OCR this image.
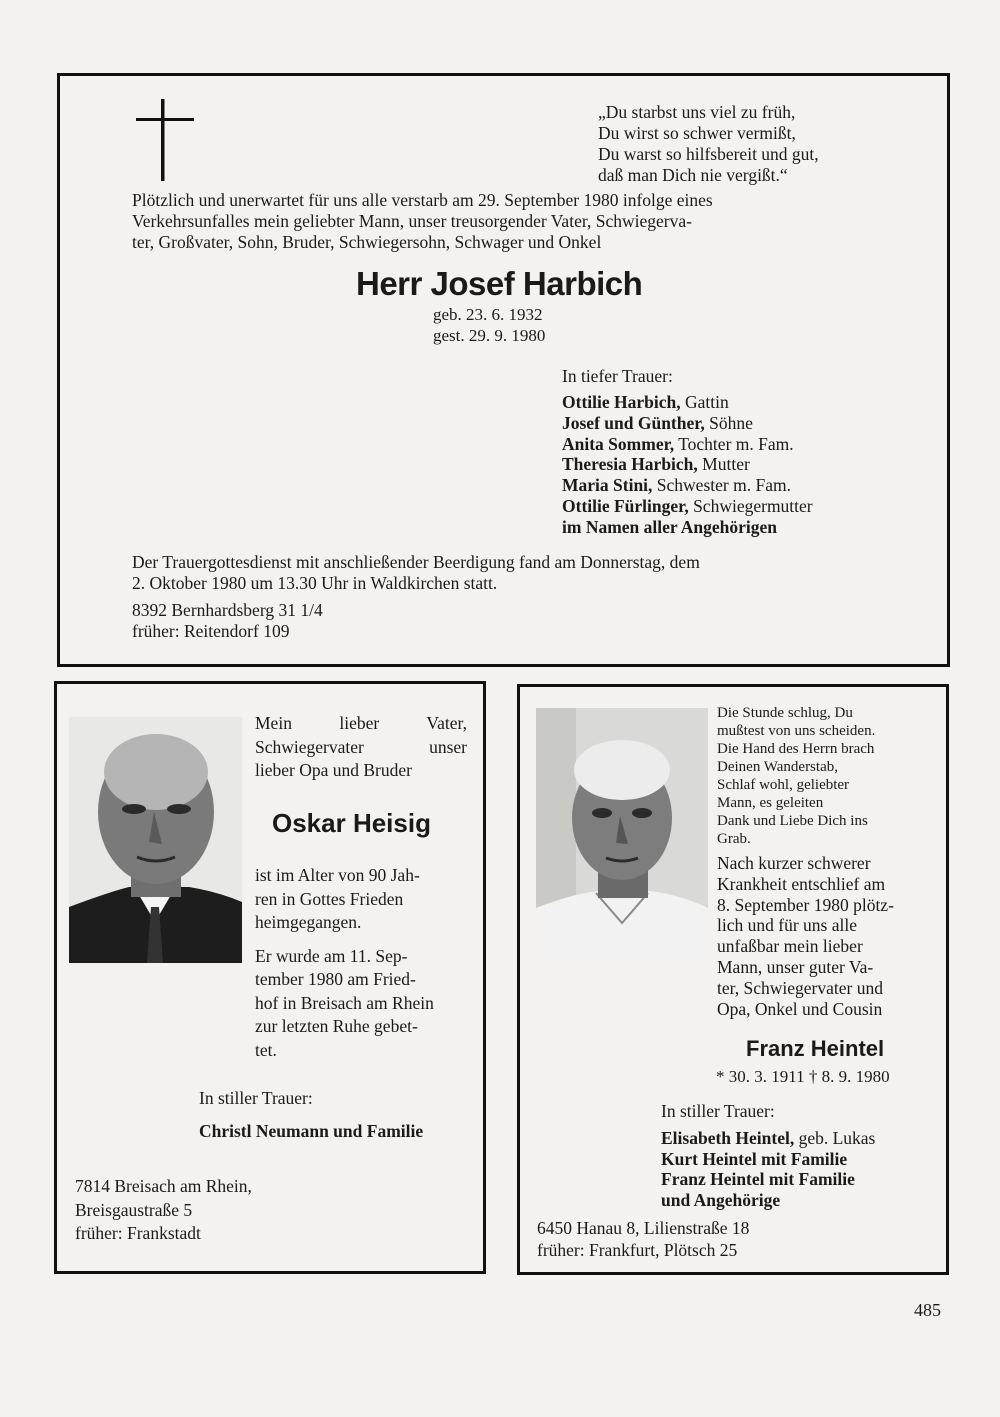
„Du starbst uns viel zu früh,
Du wirst so schwer vermißt,
Du warst so hilfsbereit und gut,
daß man Dich nie vergißt.“
Plötzlich und unerwartet für uns alle verstarb am 29. September 1980 infolge eines
Verkehrsunfalles mein geliebter Mann, unser treusorgender Vater, Schwiegerva-
ter, Großvater, Sohn, Bruder, Schwiegersohn, Schwager und Onkel
Herr Josef Harbich
geb. 23. 6. 1932
gest. 29. 9. 1980
In tiefer Trauer:
Ottilie Harbich, Gattin
Josef und Günther, Söhne
Anita Sommer, Tochter m. Fam.
Theresia Harbich, Mutter
Maria Stini, Schwester m. Fam.
Ottilie Fürlinger, Schwiegermutter
im Namen aller Angehörigen
Der Trauergottesdienst mit anschließender Beerdigung fand am Donnerstag, dem
2. Oktober 1980 um 13.30 Uhr in Waldkirchen statt.
8392 Bernhardsberg 31 1/4
früher: Reitendorf 109
Mein lieber Vater,
Schwiegervater unser
lieber Opa und Bruder
Oskar Heisig
ist im Alter von 90 Jah-
ren in Gottes Frieden
heimgegangen.
Er wurde am 11. Sep-
tember 1980 am Fried-
hof in Breisach am Rhein
zur letzten Ruhe gebet-
tet.
In stiller Trauer:
Christl Neumann und Familie
7814 Breisach am Rhein,
Breisgaustraße 5
früher: Frankstadt
Die Stunde schlug, Du
mußtest von uns scheiden.
Die Hand des Herrn brach
Deinen Wanderstab,
Schlaf wohl, geliebter
Mann, es geleiten
Dank und Liebe Dich ins
Grab.
Nach kurzer schwerer
Krankheit entschlief am
8. September 1980 plötz-
lich und für uns alle
unfaßbar mein lieber
Mann, unser guter Va-
ter, Schwiegervater und
Opa, Onkel und Cousin
Franz Heintel
* 30. 3. 1911 † 8. 9. 1980
In stiller Trauer:
Elisabeth Heintel, geb. Lukas
Kurt Heintel mit Familie
Franz Heintel mit Familie
und Angehörige
6450 Hanau 8, Lilienstraße 18
früher: Frankfurt, Plötsch 25
485
